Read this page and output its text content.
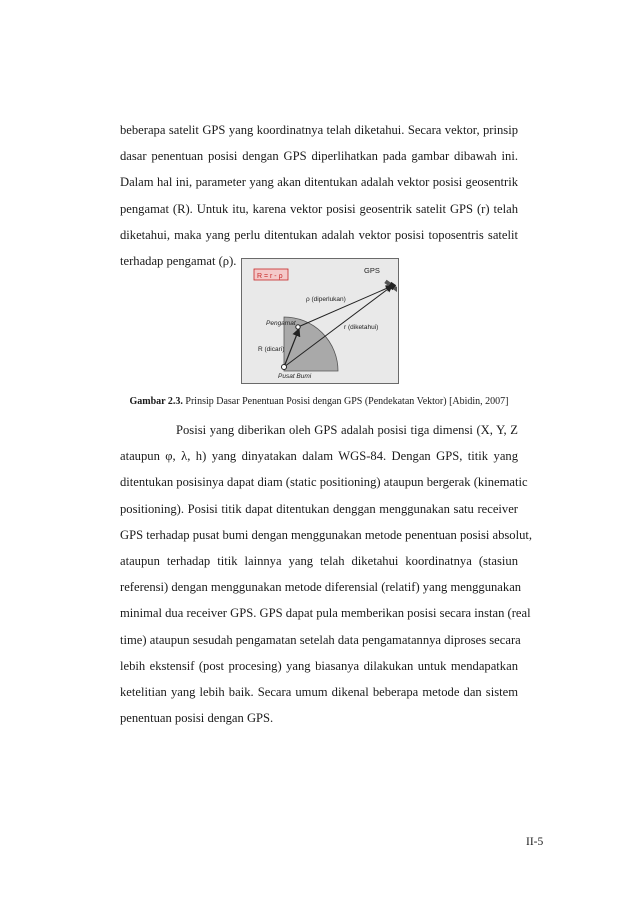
beberapa satelit GPS yang koordinatnya telah diketahui. Secara vektor, prinsip
dasar penentuan posisi dengan GPS diperlihatkan pada gambar dibawah ini.
Dalam hal ini, parameter yang akan ditentukan adalah vektor posisi geosentrik
pengamat (R). Untuk itu, karena vektor posisi geosentrik satelit GPS (r) telah
diketahui, maka yang perlu ditentukan adalah vektor posisi toposentris satelit
terhadap pengamat (ρ).
R = r - ρ
GPS
ρ (diperlukan)
Pengamat
r (diketahui)
R (dicari)
Pusat Bumi
Gambar 2.3. Prinsip Dasar Penentuan Posisi dengan GPS (Pendekatan Vektor) [Abidin, 2007]
Posisi yang diberikan oleh GPS adalah posisi tiga dimensi (X, Y, Z
ataupun φ, λ, h) yang dinyatakan dalam WGS-84. Dengan GPS, titik yang
ditentukan posisinya dapat diam (static positioning) ataupun bergerak (kinematic
positioning). Posisi titik dapat ditentukan denggan menggunakan satu receiver
GPS terhadap pusat bumi dengan menggunakan metode penentuan posisi absolut,
ataupun terhadap titik lainnya yang telah diketahui koordinatnya (stasiun
referensi) dengan menggunakan metode diferensial (relatif) yang menggunakan
minimal dua receiver GPS. GPS dapat pula memberikan posisi secara instan (real
time) ataupun sesudah pengamatan setelah data pengamatannya diproses secara
lebih ekstensif (post procesing) yang biasanya dilakukan untuk mendapatkan
ketelitian yang lebih baik. Secara umum dikenal beberapa metode dan sistem
penentuan posisi dengan GPS.
II-5
